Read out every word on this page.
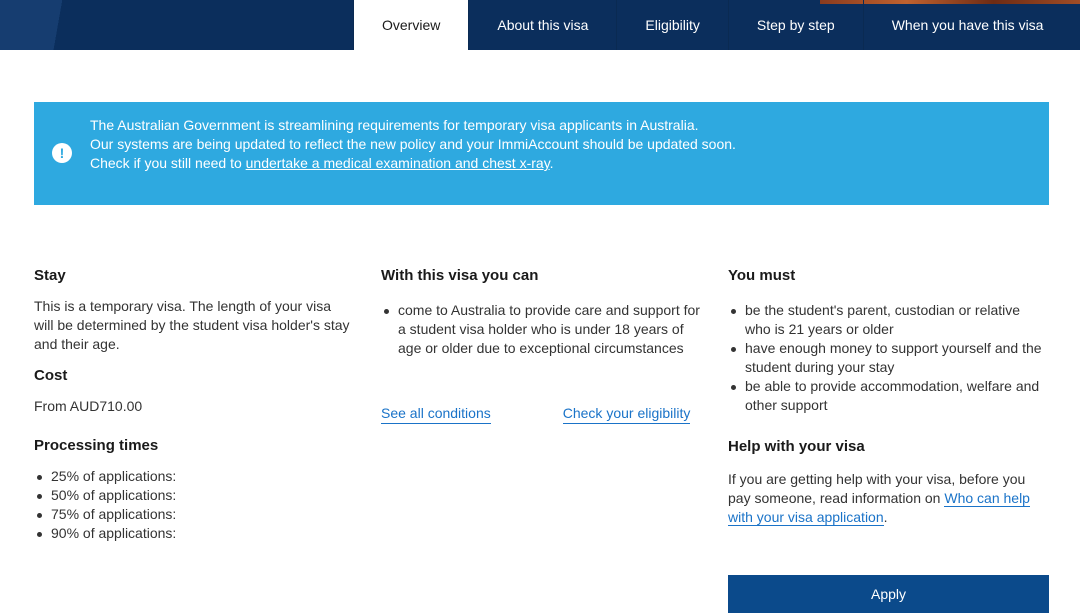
Overview	About this visa	Eligibility	Step by step	When you have this visa
!
The Australian Government is streamlining requirements for temporary visa applicants in Australia.
Our systems are being updated to reflect the new policy and your ImmiAccount should be updated soon.
Check if you still need to undertake a medical examination and chest x-ray.
Stay

This is a temporary visa. The length of your visa will be determined by the student visa holder's stay and their age.

Cost

From AUD710.00

Processing times
25% of applications:
50% of applications:
75% of applications:
90% of applications:
With this visa you can
come to Australia to provide care and support for a student visa holder who is under 18 years of age or older due to exceptional circumstances
See all conditions	Check your eligibility
You must
be the student's parent, custodian or relative who is 21 years or older
have enough money to support yourself and the student during your stay
be able to provide accommodation, welfare and other support
Help with your visa

If you are getting help with your visa, before you pay someone, read information on Who can help with your visa application.

Apply
